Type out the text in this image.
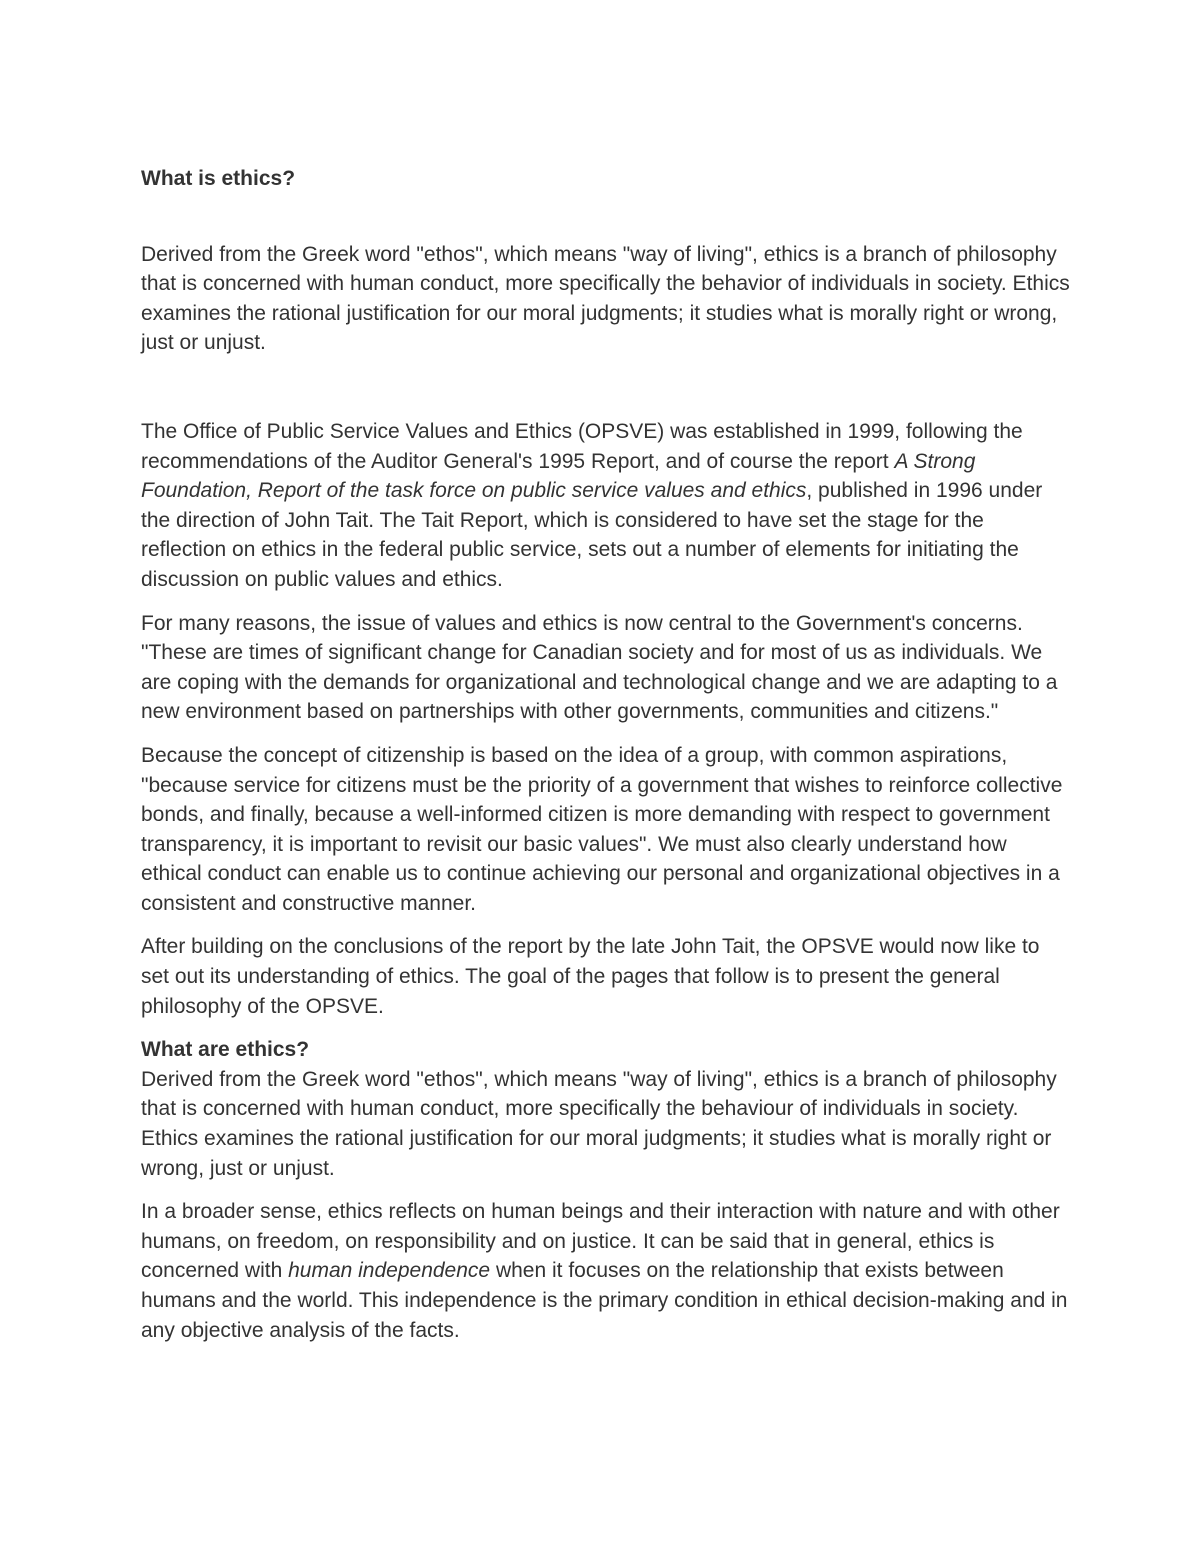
What is ethics?

Derived from the Greek word "ethos", which means "way of living", ethics is a branch of philosophy that is concerned with human conduct, more specifically the behavior of individuals in society. Ethics examines the rational justification for our moral judgments; it studies what is morally right or wrong, just or unjust.

The Office of Public Service Values and Ethics (OPSVE) was established in 1999, following the recommendations of the Auditor General's 1995 Report, and of course the report A Strong Foundation, Report of the task force on public service values and ethics, published in 1996 under the direction of John Tait. The Tait Report, which is considered to have set the stage for the reflection on ethics in the federal public service, sets out a number of elements for initiating the discussion on public values and ethics.

For many reasons, the issue of values and ethics is now central to the Government's concerns. "These are times of significant change for Canadian society and for most of us as individuals. We are coping with the demands for organizational and technological change and we are adapting to a new environment based on partnerships with other governments, communities and citizens."

Because the concept of citizenship is based on the idea of a group, with common aspirations, "because service for citizens must be the priority of a government that wishes to reinforce collective bonds, and finally, because a well-informed citizen is more demanding with respect to government transparency, it is important to revisit our basic values". We must also clearly understand how ethical conduct can enable us to continue achieving our personal and organizational objectives in a consistent and constructive manner.

After building on the conclusions of the report by the late John Tait, the OPSVE would now like to set out its understanding of ethics. The goal of the pages that follow is to present the general philosophy of the OPSVE.

What are ethics?

Derived from the Greek word "ethos", which means "way of living", ethics is a branch of philosophy that is concerned with human conduct, more specifically the behaviour of individuals in society. Ethics examines the rational justification for our moral judgments; it studies what is morally right or wrong, just or unjust.

In a broader sense, ethics reflects on human beings and their interaction with nature and with other humans, on freedom, on responsibility and on justice. It can be said that in general, ethics is concerned with human independence when it focuses on the relationship that exists between humans and the world. This independence is the primary condition in ethical decision-making and in any objective analysis of the facts.
